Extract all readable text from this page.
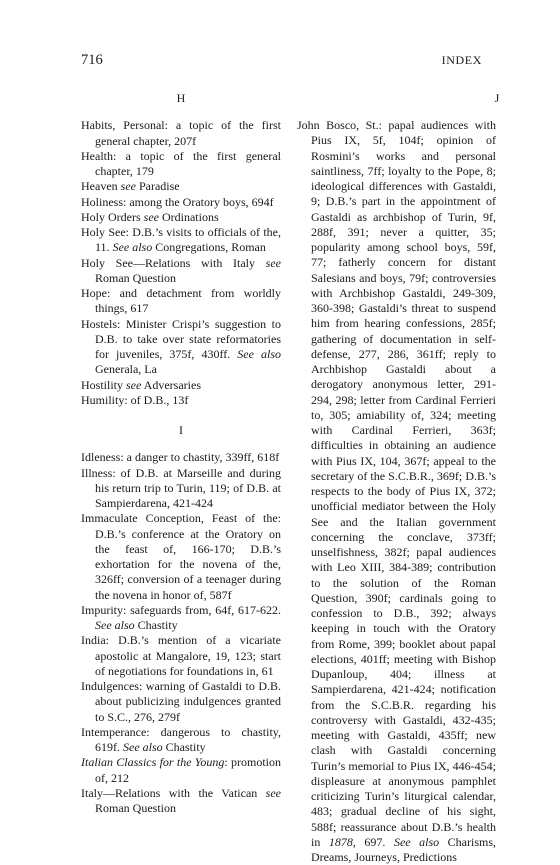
716	INDEX
H

Habits, Personal: a topic of the first general chapter, 207f

Health: a topic of the first general chapter, 179

Heaven see Paradise

Holiness: among the Oratory boys, 694f

Holy Orders see Ordinations

Holy See: D.B.’s visits to officials of the, 11. See also Congregations, Roman

Holy See—Relations with Italy see Roman Question

Hope: and detachment from worldly things, 617

Hostels: Minister Crispi’s suggestion to D.B. to take over state reformatories for juveniles, 375f, 430ff. See also Generala, La

Hostility see Adversaries

Humility: of D.B., 13f

I

Idleness: a danger to chastity, 339ff, 618f

Illness: of D.B. at Marseille and during his return trip to Turin, 119; of D.B. at Sampierdarena, 421-424

Immaculate Conception, Feast of the: D.B.’s conference at the Oratory on the feast of, 166-170; D.B.’s exhortation for the novena of the, 326ff; conversion of a teenager during the novena in honor of, 587f

Impurity: safeguards from, 64f, 617-622. See also Chastity

India: D.B.’s mention of a vicariate apostolic at Mangalore, 19, 123; start of negotiations for foundations in, 61

Indulgences: warning of Gastaldi to D.B. about publicizing indulgences granted to S.C., 276, 279f

Intemperance: dangerous to chastity, 619f. See also Chastity

Italian Classics for the Young: promotion of, 212

Italy—Relations with the Vatican see Roman Question

J

John Bosco, St.: papal audiences with Pius IX, 5f, 104f; opinion of Rosmini’s works and personal saintliness, 7ff; loyalty to the Pope, 8; ideological differences with Gastaldi, 9; D.B.’s part in the appointment of Gastaldi as archbishop of Turin, 9f, 288f, 391; never a quitter, 35; popularity among school boys, 59f, 77; fatherly concern for distant Salesians and boys, 79f; controversies with Archbishop Gastaldi, 249-309, 360-398; Gastaldi’s threat to suspend him from hearing confessions, 285f; gathering of documentation in self-defense, 277, 286, 361ff; reply to Archbishop Gastaldi about a derogatory anonymous letter, 291-294, 298; letter from Cardinal Ferrieri to, 305; amiability of, 324; meeting with Cardinal Ferrieri, 363f; difficulties in obtaining an audience with Pius IX, 104, 367f; appeal to the secretary of the S.C.B.R., 369f; D.B.’s respects to the body of Pius IX, 372; unofficial mediator between the Holy See and the Italian government concerning the conclave, 373ff; unselfishness, 382f; papal audiences with Leo XIII, 384-389; contribution to the solution of the Roman Question, 390f; cardinals going to confession to D.B., 392; always keeping in touch with the Oratory from Rome, 399; booklet about papal elections, 401ff; meeting with Bishop Dupanloup, 404; illness at Sampierdarena, 421-424; notification from the S.C.B.R. regarding his controversy with Gastaldi, 432-435; meeting with Gastaldi, 435ff; new clash with Gastaldi concerning Turin’s memorial to Pius IX, 446-454; displeasure at anonymous pamphlet criticizing Turin’s liturgical calendar, 483; gradual decline of his sight, 588f; reassurance about D.B.’s health in 1878, 697. See also Charisms, Dreams, Journeys, Predictions
